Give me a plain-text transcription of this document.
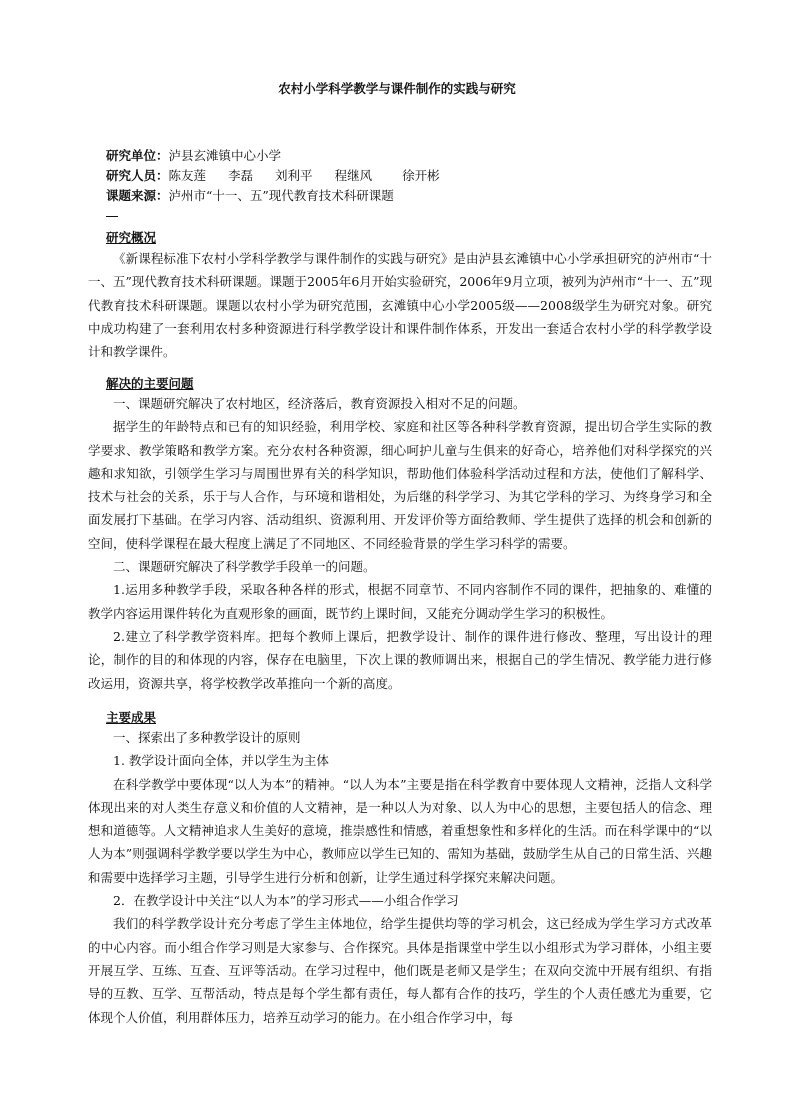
农村小学科学教学与课件制作的实践与研究
研究单位：泸县玄滩镇中心小学
研究人员：陈友莲 李磊 刘利平 程继风 徐开彬
课题来源：泸州市“十一、五”现代教育技术科研课题
研究概况

《新课程标准下农村小学科学教学与课件制作的实践与研究》是由泸县玄滩镇中心小学承担研究的泸州市“十一、五”现代教育技术科研课题。课题于2005年6月开始实验研究，2006年9月立项，被列为泸州市“十一、五”现代教育技术科研课题。课题以农村小学为研究范围，玄滩镇中心小学2005级——2008级学生为研究对象。研究中成功构建了一套利用农村多种资源进行科学教学设计和课件制作体系，开发出一套适合农村小学的科学教学设计和教学课件。

解决的主要问题

一、课题研究解决了农村地区，经济落后，教育资源投入相对不足的问题。

据学生的年龄特点和已有的知识经验，利用学校、家庭和社区等各种科学教育资源，提出切合学生实际的教学要求、教学策略和教学方案。充分农村各种资源，细心呵护儿童与生俱来的好奇心，培养他们对科学探究的兴趣和求知欲，引领学生学习与周围世界有关的科学知识，帮助他们体验科学活动过程和方法，使他们了解科学、技术与社会的关系，乐于与人合作，与环境和谐相处，为后继的科学学习、为其它学科的学习、为终身学习和全面发展打下基础。在学习内容、活动组织、资源利用、开发评价等方面给教师、学生提供了选择的机会和创新的空间，使科学课程在最大程度上满足了不同地区、不同经验背景的学生学习科学的需要。

二、课题研究解决了科学教学手段单一的问题。

1.运用多种教学手段，采取各种各样的形式，根据不同章节、不同内容制作不同的课件，把抽象的、难懂的教学内容运用课件转化为直观形象的画面，既节约上课时间，又能充分调动学生学习的积极性。

2.建立了科学教学资料库。把每个教师上课后，把教学设计、制作的课件进行修改、整理，写出设计的理论，制作的目的和体现的内容，保存在电脑里，下次上课的教师调出来，根据自己的学生情况、教学能力进行修改运用，资源共享，将学校教学改革推向一个新的高度。

主要成果

一、探索出了多种教学设计的原则

1. 教学设计面向全体，并以学生为主体

在科学教学中要体现“以人为本”的精神。“以人为本”主要是指在科学教育中要体现人文精神，泛指人文科学体现出来的对人类生存意义和价值的人文精神，是一种以人为对象、以人为中心的思想，主要包括人的信念、理想和道德等。人文精神追求人生美好的意境，推崇感性和情感，着重想象性和多样化的生活。而在科学课中的“以人为本”则强调科学教学要以学生为中心，教师应以学生已知的、需知为基础，鼓励学生从自己的日常生活、兴趣和需要中选择学习主题，引导学生进行分析和创新，让学生通过科学探究来解决问题。

2．在教学设计中关注“以人为本”的学习形式——小组合作学习

我们的科学教学设计充分考虑了学生主体地位，给学生提供均等的学习机会，这已经成为学生学习方式改革的中心内容。而小组合作学习则是大家参与、合作探究。具体是指课堂中学生以小组形式为学习群体，小组主要开展互学、互练、互查、互评等活动。在学习过程中，他们既是老师又是学生；在双向交流中开展有组织、有指导的互教、互学、互帮活动，特点是每个学生都有责任，每人都有合作的技巧，学生的个人责任感尤为重要，它体现个人价值，利用群体压力，培养互动学习的能力。在小组合作学习中，每
